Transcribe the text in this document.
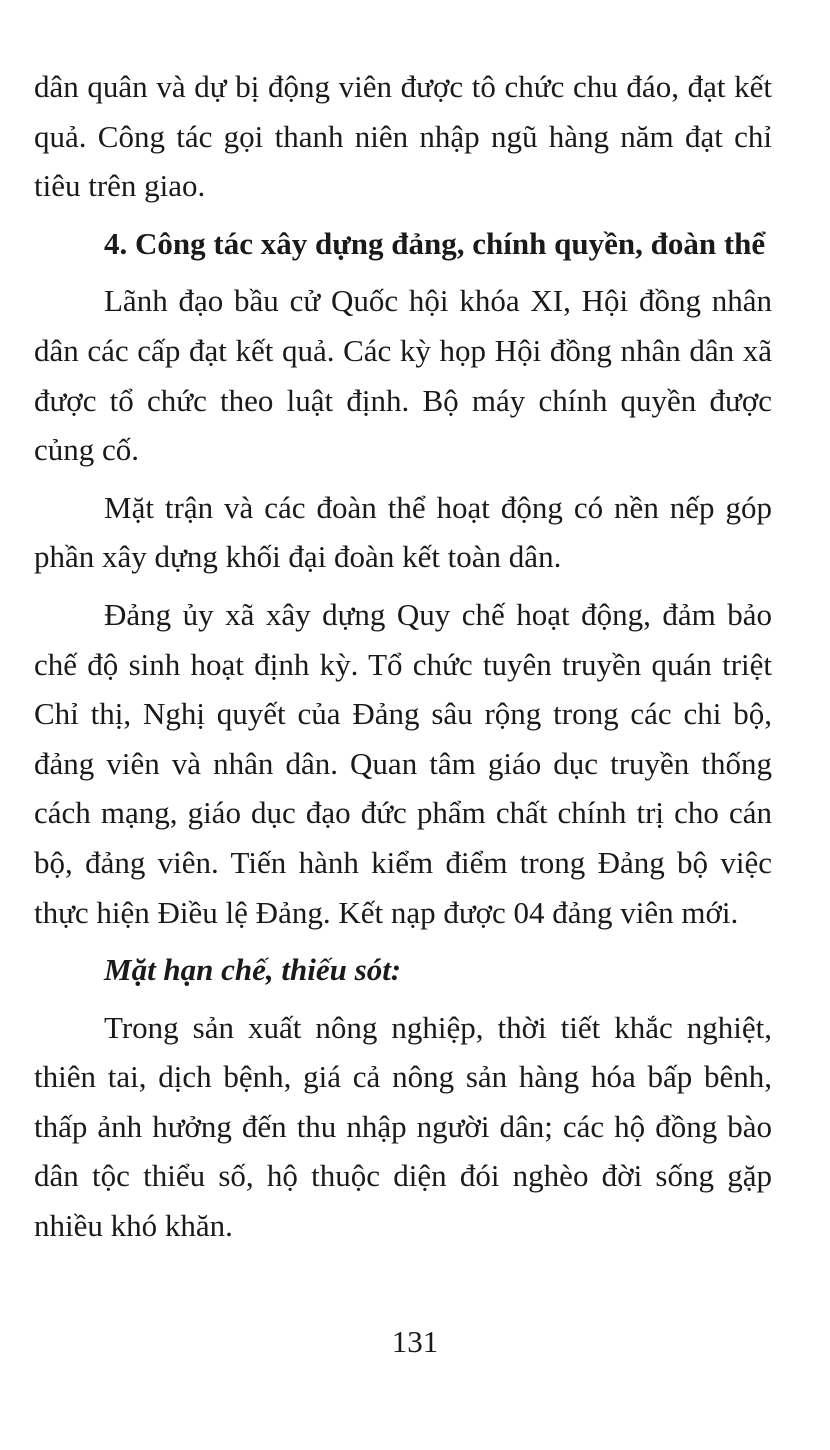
dân quân và dự bị động viên được tô chức chu đáo, đạt kết quả. Công tác gọi thanh niên nhập ngũ hàng năm đạt chỉ tiêu trên giao.

4. Công tác xây dựng đảng, chính quyền, đoàn thể

Lãnh đạo bầu cử Quốc hội khóa XI, Hội đồng nhân dân các cấp đạt kết quả. Các kỳ họp Hội đồng nhân dân xã được tổ chức theo luật định. Bộ máy chính quyền được củng cố.

Mặt trận và các đoàn thể hoạt động có nền nếp góp phần xây dựng khối đại đoàn kết toàn dân.

Đảng ủy xã xây dựng Quy chế hoạt động, đảm bảo chế độ sinh hoạt định kỳ. Tổ chức tuyên truyền quán triệt Chỉ thị, Nghị quyết của Đảng sâu rộng trong các chi bộ, đảng viên và nhân dân. Quan tâm giáo dục truyền thống cách mạng, giáo dục đạo đức phẩm chất chính trị cho cán bộ, đảng viên. Tiến hành kiểm điểm trong Đảng bộ việc thực hiện Điều lệ Đảng. Kết nạp được 04 đảng viên mới.

Mặt hạn chế, thiếu sót:

Trong sản xuất nông nghiệp, thời tiết khắc nghiệt, thiên tai, dịch bệnh, giá cả nông sản hàng hóa bấp bênh, thấp ảnh hưởng đến thu nhập người dân; các hộ đồng bào dân tộc thiểu số, hộ thuộc diện đói nghèo đời sống gặp nhiều khó khăn.

131
